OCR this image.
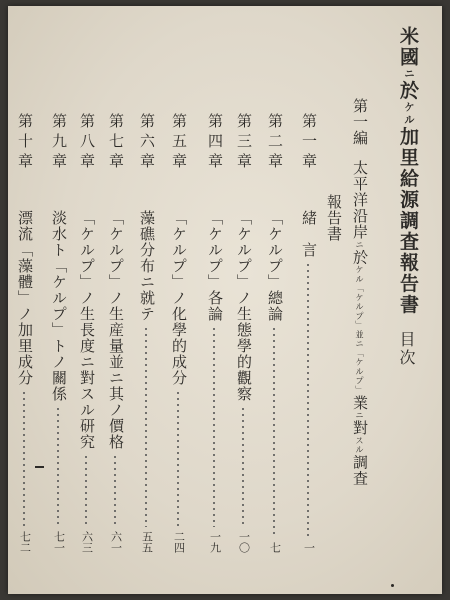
米國ニ於ケル加里給源調査報告書
目次
第一編太平洋沿岸ニ於ケル「ケルプ」並ニ「ケルプ」業ニ對スル調査
報告書
第一章
緒　言
一
第二章
「ケルプ」總論
七
第三章
「ケルプ」ノ生態學的觀察
一〇
第四章
「ケルプ」各論
一九
第五章
「ケルプ」ノ化學的成分
二四
第六章
藻礁分布ニ就テ
五五
第七章
「ケルプ」ノ生産量並ニ其ノ價格
六一
第八章
「ケルプ」ノ生長度ニ對スル研究
六三
第九章
淡水ト「ケルプ」トノ關係
七一
第十章
漂流「藻體」ノ加里成分
七二
